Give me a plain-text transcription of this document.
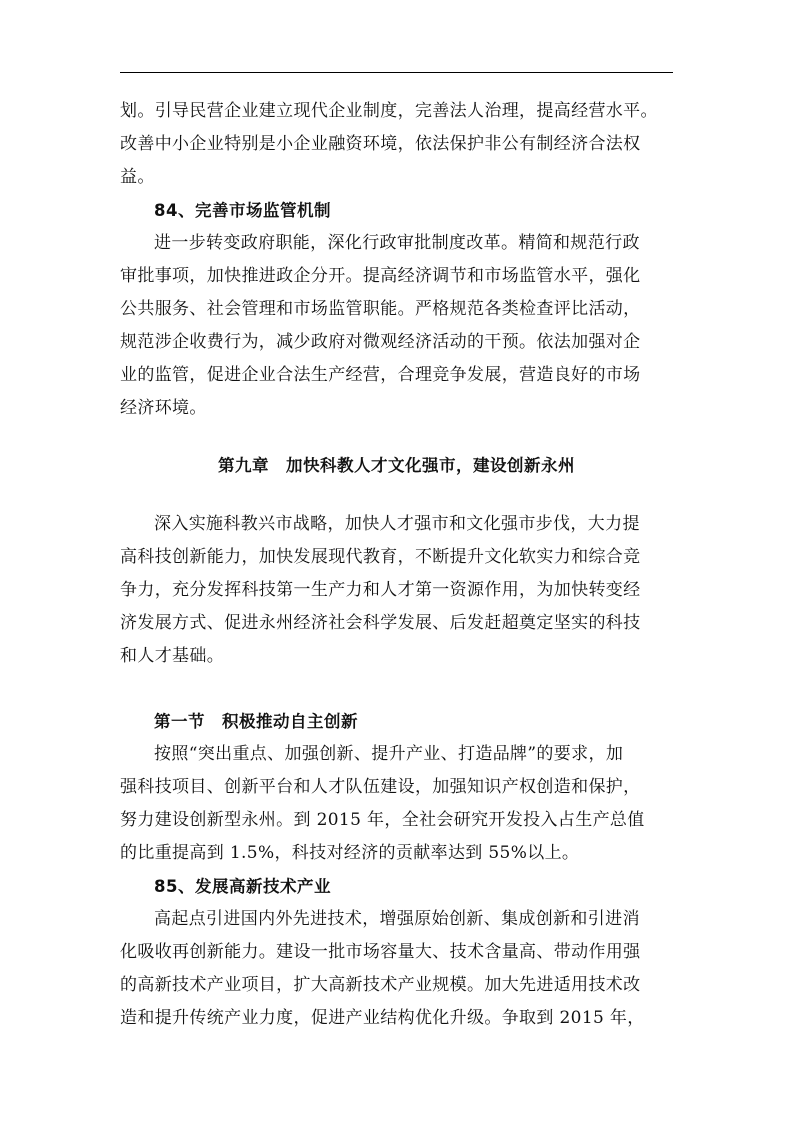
划。引导民营企业建立现代企业制度，完善法人治理，提高经营水平。
改善中小企业特别是小企业融资环境，依法保护非公有制经济合法权
益。
84、完善市场监管机制
进一步转变政府职能，深化行政审批制度改革。精简和规范行政
审批事项，加快推进政企分开。提高经济调节和市场监管水平，强化
公共服务、社会管理和市场监管职能。严格规范各类检查评比活动，
规范涉企收费行为，减少政府对微观经济活动的干预。依法加强对企
业的监管，促进企业合法生产经营，合理竞争发展，营造良好的市场
经济环境。
第九章　加快科教人才文化强市，建设创新永州
深入实施科教兴市战略，加快人才强市和文化强市步伐，大力提
高科技创新能力，加快发展现代教育，不断提升文化软实力和综合竞
争力，充分发挥科技第一生产力和人才第一资源作用，为加快转变经
济发展方式、促进永州经济社会科学发展、后发赶超奠定坚实的科技
和人才基础。
第一节　积极推动自主创新
按照“突出重点、加强创新、提升产业、打造品牌”的要求，加
强科技项目、创新平台和人才队伍建设，加强知识产权创造和保护，
努力建设创新型永州。到 2015 年，全社会研究开发投入占生产总值
的比重提高到 1.5%，科技对经济的贡献率达到 55%以上。
85、发展高新技术产业
高起点引进国内外先进技术，增强原始创新、集成创新和引进消
化吸收再创新能力。建设一批市场容量大、技术含量高、带动作用强
的高新技术产业项目，扩大高新技术产业规模。加大先进适用技术改
造和提升传统产业力度，促进产业结构优化升级。争取到 2015 年，
